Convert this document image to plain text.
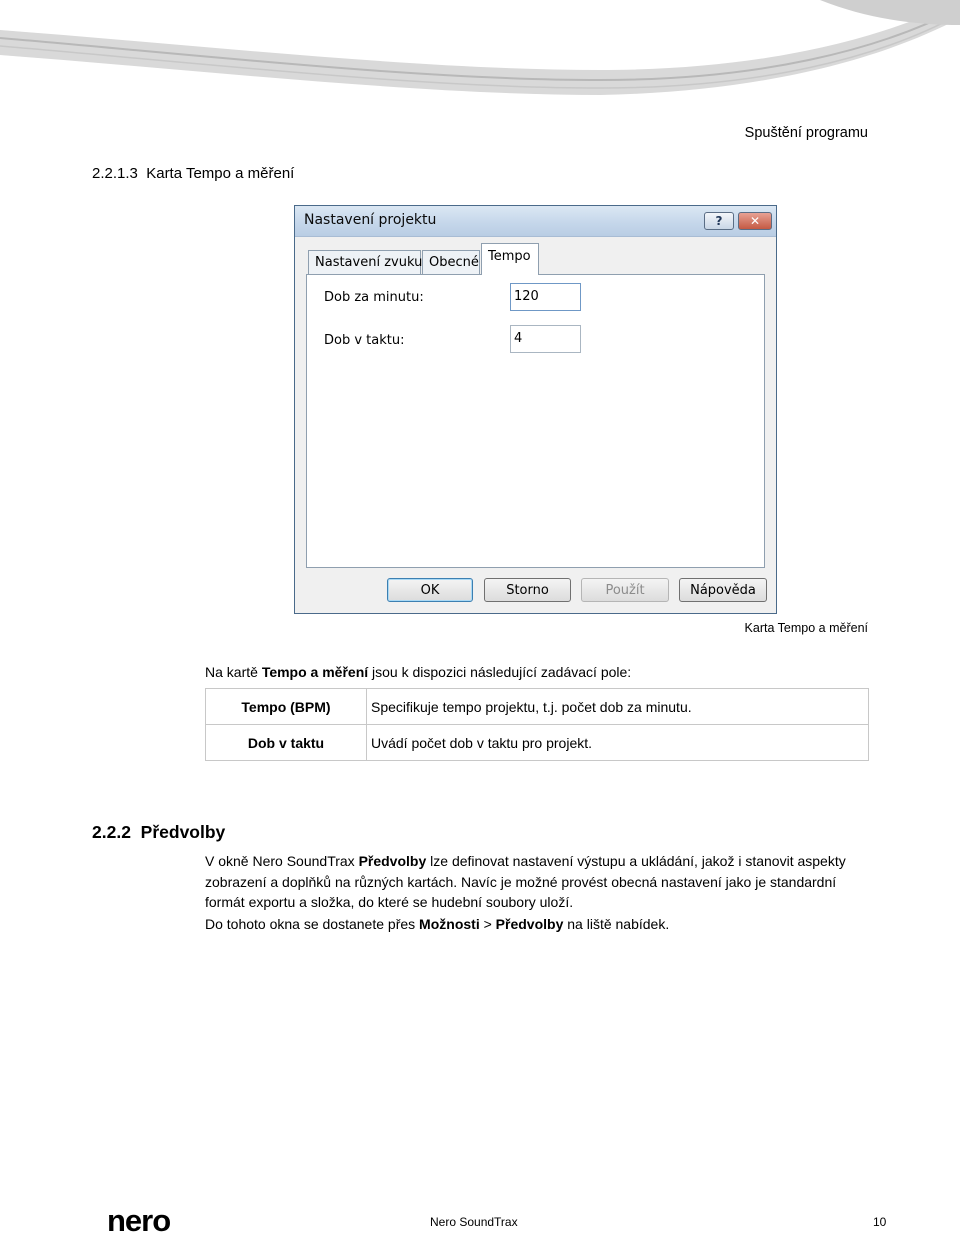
Spuštění programu
2.2.1.3 Karta Tempo a měření
Nastavení projektu	?	✕
Nastavení zvuku Obecné Tempo
Dob za minutu:	120
Dob v taktu:	4
OK	Storno	Použít	Nápověda
Karta Tempo a měření
Na kartě Tempo a měření jsou k dispozici následující zadávací pole:
Tempo (BPM)	Specifikuje tempo projektu, t.j. počet dob za minutu.
Dob v taktu	Uvádí počet dob v taktu pro projekt.
2.2.2 Předvolby
V okně Nero SoundTrax Předvolby lze definovat nastavení výstupu a ukládání, jakož i stanovit aspekty zobrazení a doplňků na různých kartách. Navíc je možné provést obecná nastavení jako je standardní formát exportu a složka, do které se hudební soubory uloží.
Do tohoto okna se dostanete přes Možnosti > Předvolby na liště nabídek.
nero	Nero SoundTrax	10
